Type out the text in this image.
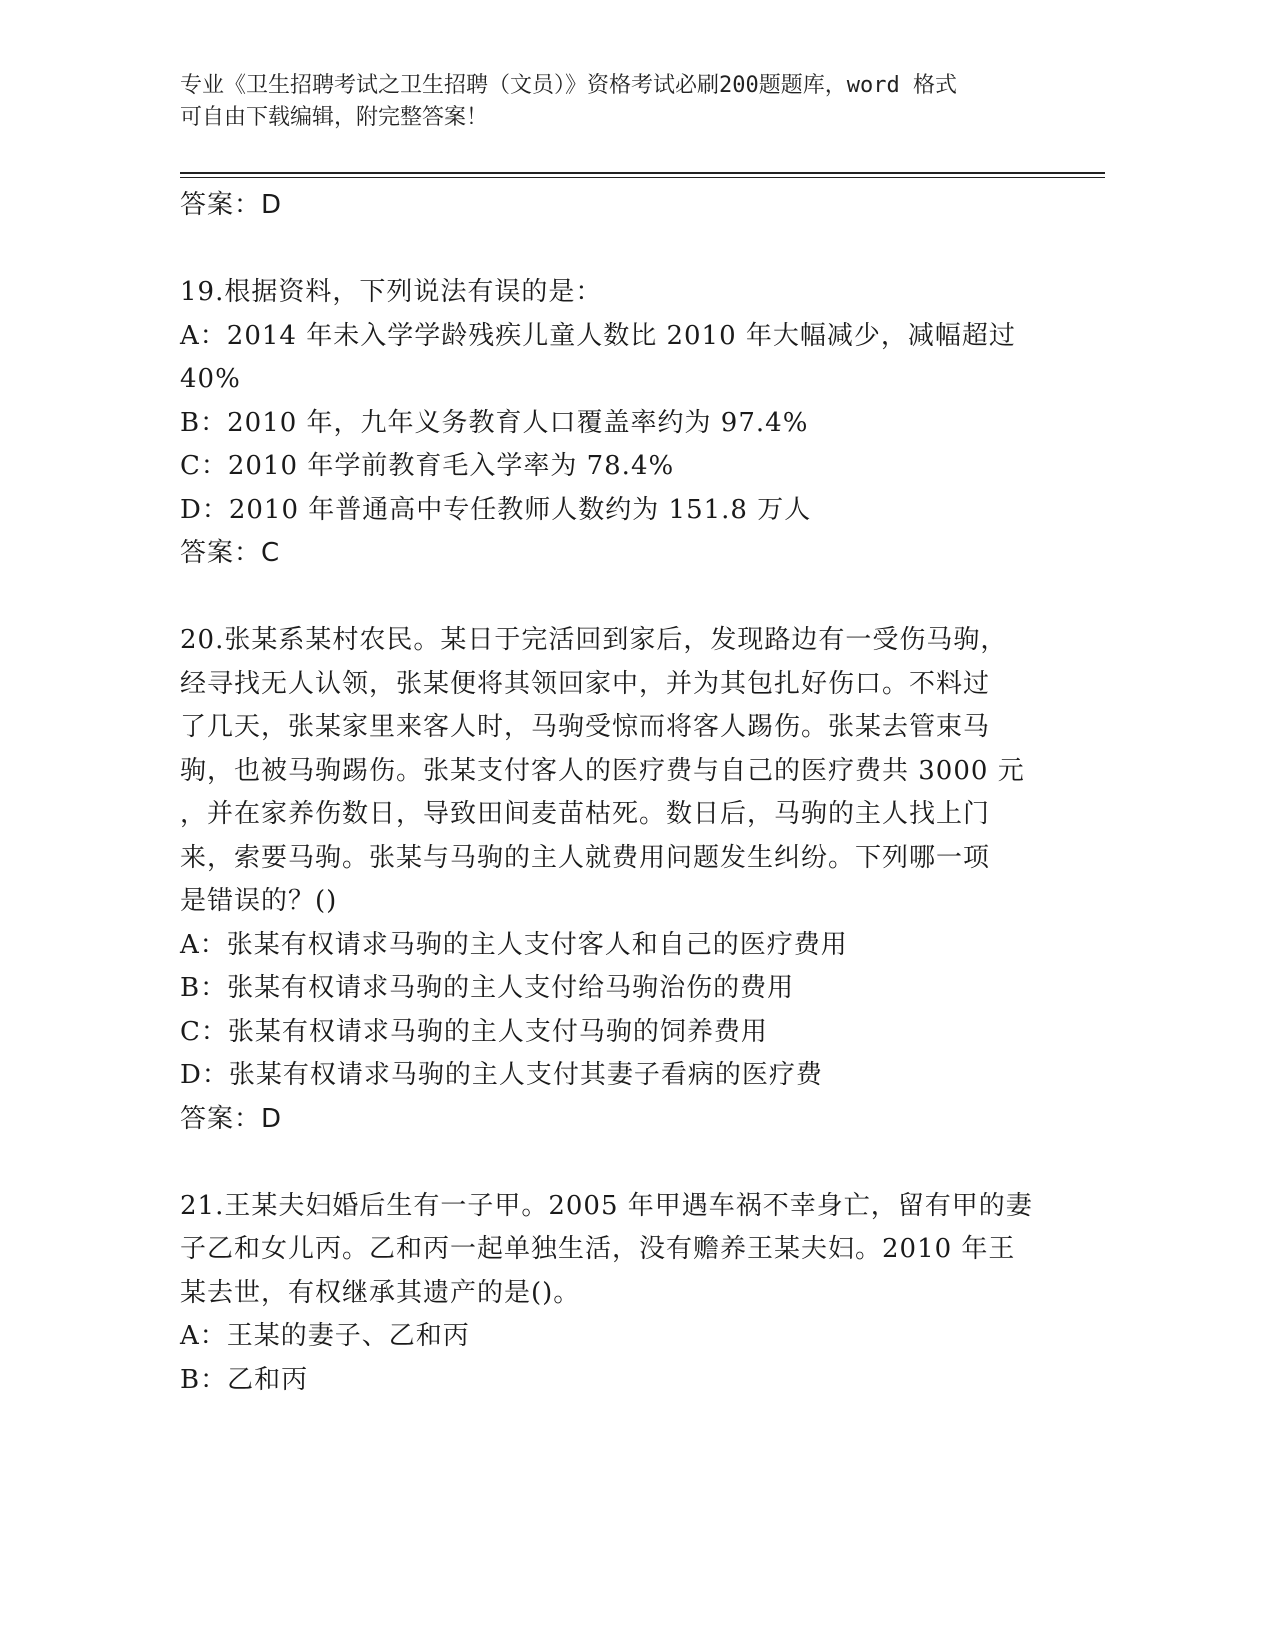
专业《卫生招聘考试之卫生招聘（文员）》资格考试必刷200题题库，word 格式
可自由下载编辑，附完整答案！
答案：D
19.根据资料，下列说法有误的是：
A：2014 年未入学学龄残疾儿童人数比 2010 年大幅减少，减幅超过
40%
B：2010 年，九年义务教育人口覆盖率约为 97.4%
C：2010 年学前教育毛入学率为 78.4%
D：2010 年普通高中专任教师人数约为 151.8 万人
答案：C
20.张某系某村农民。某日于完活回到家后，发现路边有一受伤马驹，
经寻找无人认领，张某便将其领回家中，并为其包扎好伤口。不料过
了几天，张某家里来客人时，马驹受惊而将客人踢伤。张某去管束马
驹，也被马驹踢伤。张某支付客人的医疗费与自己的医疗费共 3000 元
，并在家养伤数日，导致田间麦苗枯死。数日后，马驹的主人找上门
来，索要马驹。张某与马驹的主人就费用问题发生纠纷。下列哪一项
是错误的？()
A：张某有权请求马驹的主人支付客人和自己的医疗费用
B：张某有权请求马驹的主人支付给马驹治伤的费用
C：张某有权请求马驹的主人支付马驹的饲养费用
D：张某有权请求马驹的主人支付其妻子看病的医疗费
答案：D
21.王某夫妇婚后生有一子甲。2005 年甲遇车祸不幸身亡，留有甲的妻
子乙和女儿丙。乙和丙一起单独生活，没有赡养王某夫妇。2010 年王
某去世，有权继承其遗产的是()。
A：王某的妻子、乙和丙
B：乙和丙
